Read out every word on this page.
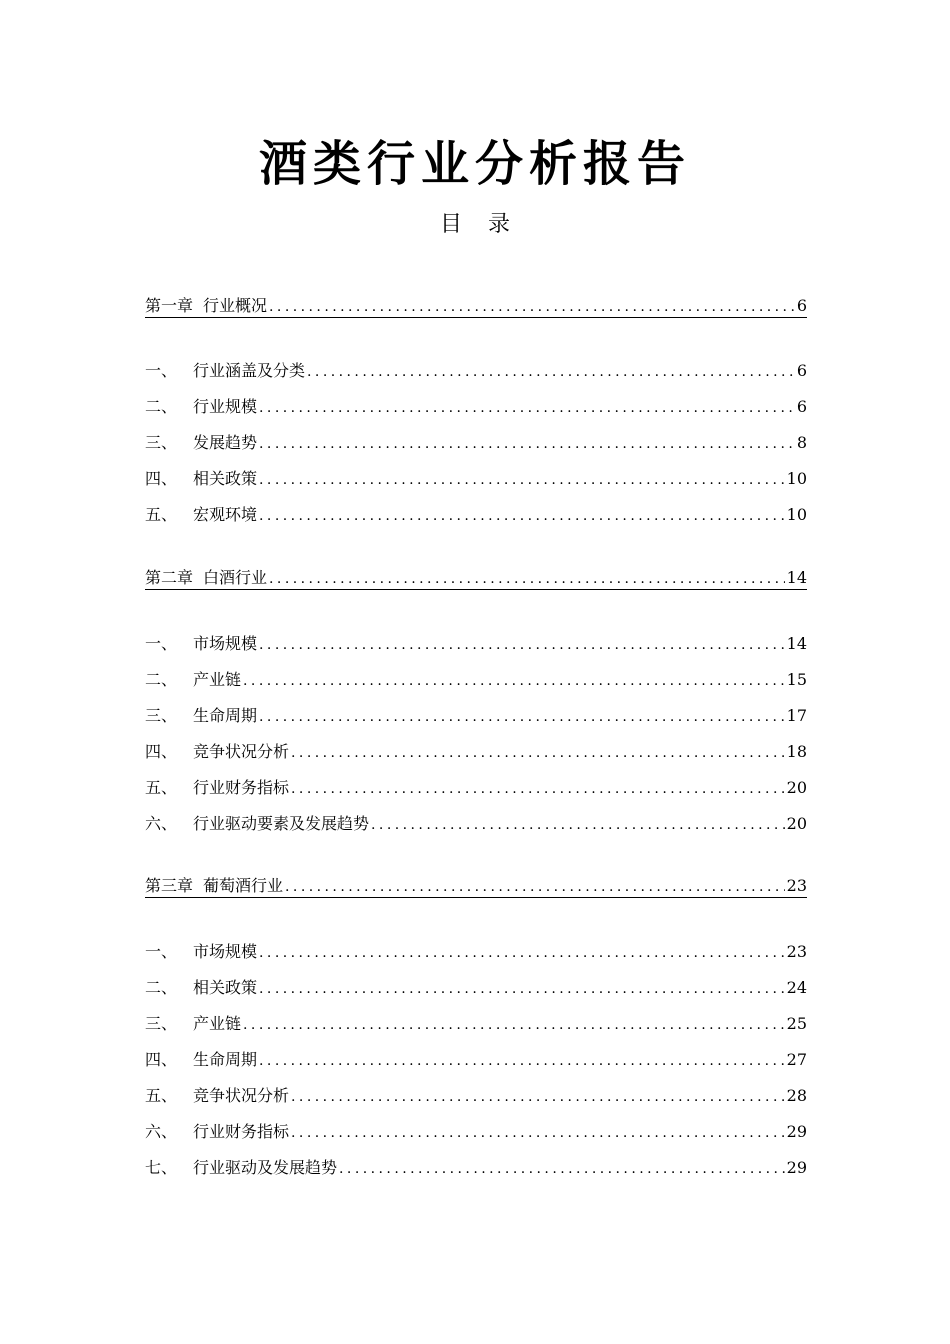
酒类行业分析报告
目 录
第一章 行业概况 . . .	6
一、 行业涵盖及分类 . . .	6
二、 行业规模 . . .	6
三、 发展趋势 . . .	8
四、 相关政策 . . .	10
五、 宏观环境 . . .	10
第二章 白酒行业 . . .	14
一、 市场规模 . . .	14
二、 产业链 . . .	15
三、 生命周期 . . .	17
四、 竞争状况分析 . . .	18
五、 行业财务指标 . . .	20
六、 行业驱动要素及发展趋势 . . .	20
第三章 葡萄酒行业 . . .	23
一、 市场规模 . . .	23
二、 相关政策 . . .	24
三、 产业链 . . .	25
四、 生命周期 . . .	27
五、 竞争状况分析 . . .	28
六、 行业财务指标 . . .	29
七、 行业驱动及发展趋势 . . .	29
